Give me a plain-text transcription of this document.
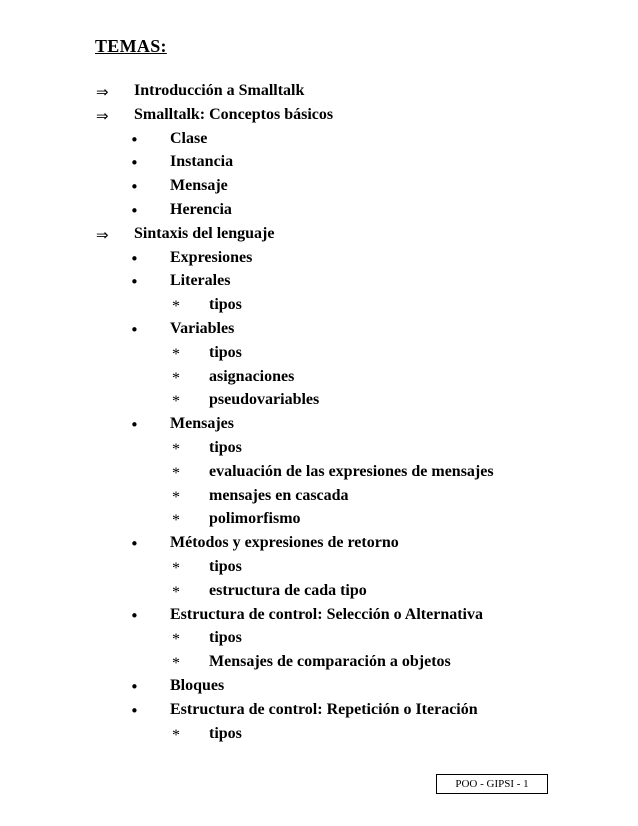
TEMAS:
⇒ Introducción a Smalltalk
⇒ Smalltalk: Conceptos básicos
• Clase
• Instancia
• Mensaje
• Herencia
⇒ Sintaxis del lenguaje
• Expresiones
• Literales
* tipos
• Variables
* tipos
* asignaciones
* pseudovariables
• Mensajes
* tipos
* evaluación de las expresiones de mensajes
* mensajes en cascada
* polimorfismo
• Métodos y expresiones de retorno
* tipos
* estructura de cada tipo
• Estructura de control: Selección o Alternativa
* tipos
* Mensajes de comparación a objetos
• Bloques
• Estructura de control: Repetición o Iteración
* tipos
POO - GIPSI - 1
